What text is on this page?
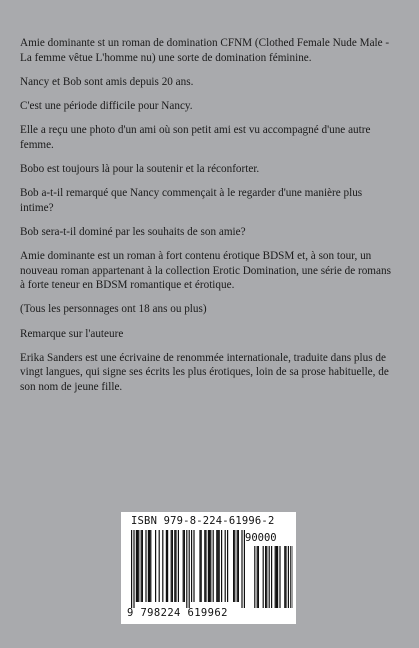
Amie dominante st un roman de domination CFNM (Clothed Female Nude Male - La femme vêtue L'homme nu) une sorte de domination féminine.

Nancy et Bob sont amis depuis 20 ans.

C'est une période difficile pour Nancy.

Elle a reçu une photo d'un ami où son petit ami est vu accompagné d'une autre femme.

Bobo est toujours là pour la soutenir et la réconforter.

Bob a-t-il remarqué que Nancy commençait à le regarder d'une manière plus intime?

Bob sera-t-il dominé par les souhaits de son amie?

Amie dominante est un roman à fort contenu érotique BDSM et, à son tour, un nouveau roman appartenant à la collection Erotic Domination, une série de romans à forte teneur en BDSM romantique et érotique.

(Tous les personnages ont 18 ans ou plus)

Remarque sur l'auteure

Erika Sanders est une écrivaine de renommée internationale, traduite dans plus de vingt langues, qui signe ses écrits les plus érotiques, loin de sa prose habituelle, de son nom de jeune fille.

ISBN 979-8-224-61996-2
90000
9 798224 619962
